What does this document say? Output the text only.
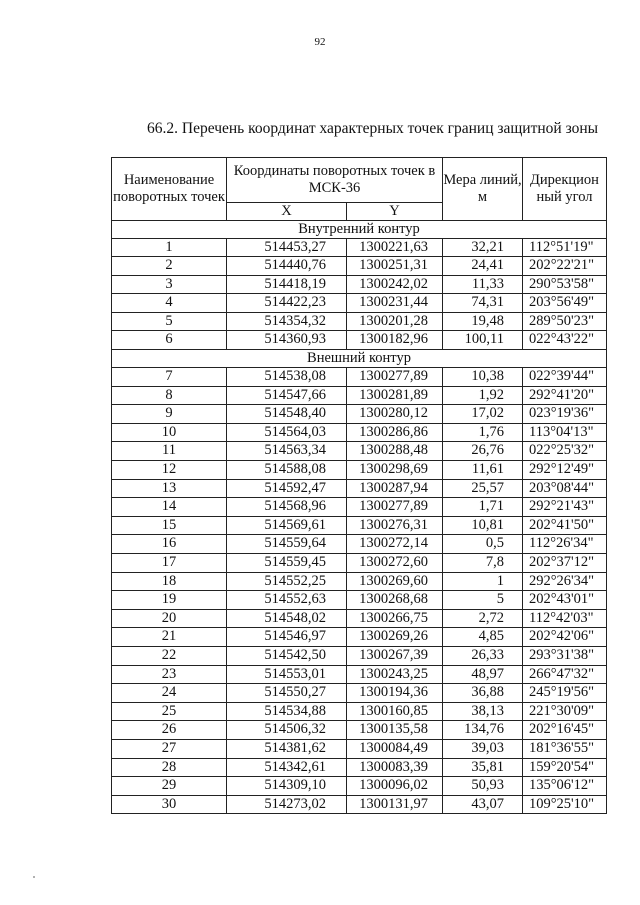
92
66.2. Перечень координат характерных точек границ защитной зоны
Наименование поворотных точек	Координаты поворотных точек в МСК-36		Мера линий, м	Дирекцион ный угол
	X	Y		
Внутренний контур				
1	514453,27	1300221,63	32,21	112°51'19"
2	514440,76	1300251,31	24,41	202°22'21"
3	514418,19	1300242,02	11,33	290°53'58"
4	514422,23	1300231,44	74,31	203°56'49"
5	514354,32	1300201,28	19,48	289°50'23"
6	514360,93	1300182,96	100,11	022°43'22"
Внешний контур				
7	514538,08	1300277,89	10,38	022°39'44"
8	514547,66	1300281,89	1,92	292°41'20"
9	514548,40	1300280,12	17,02	023°19'36"
10	514564,03	1300286,86	1,76	113°04'13"
11	514563,34	1300288,48	26,76	022°25'32"
12	514588,08	1300298,69	11,61	292°12'49"
13	514592,47	1300287,94	25,57	203°08'44"
14	514568,96	1300277,89	1,71	292°21'43"
15	514569,61	1300276,31	10,81	202°41'50"
16	514559,64	1300272,14	0,5	112°26'34"
17	514559,45	1300272,60	7,8	202°37'12"
18	514552,25	1300269,60	1	292°26'34"
19	514552,63	1300268,68	5	202°43'01"
20	514548,02	1300266,75	2,72	112°42'03"
21	514546,97	1300269,26	4,85	202°42'06"
22	514542,50	1300267,39	26,33	293°31'38"
23	514553,01	1300243,25	48,97	266°47'32"
24	514550,27	1300194,36	36,88	245°19'56"
25	514534,88	1300160,85	38,13	221°30'09"
26	514506,32	1300135,58	134,76	202°16'45"
27	514381,62	1300084,49	39,03	181°36'55"
28	514342,61	1300083,39	35,81	159°20'54"
29	514309,10	1300096,02	50,93	135°06'12"
30	514273,02	1300131,97	43,07	109°25'10"
